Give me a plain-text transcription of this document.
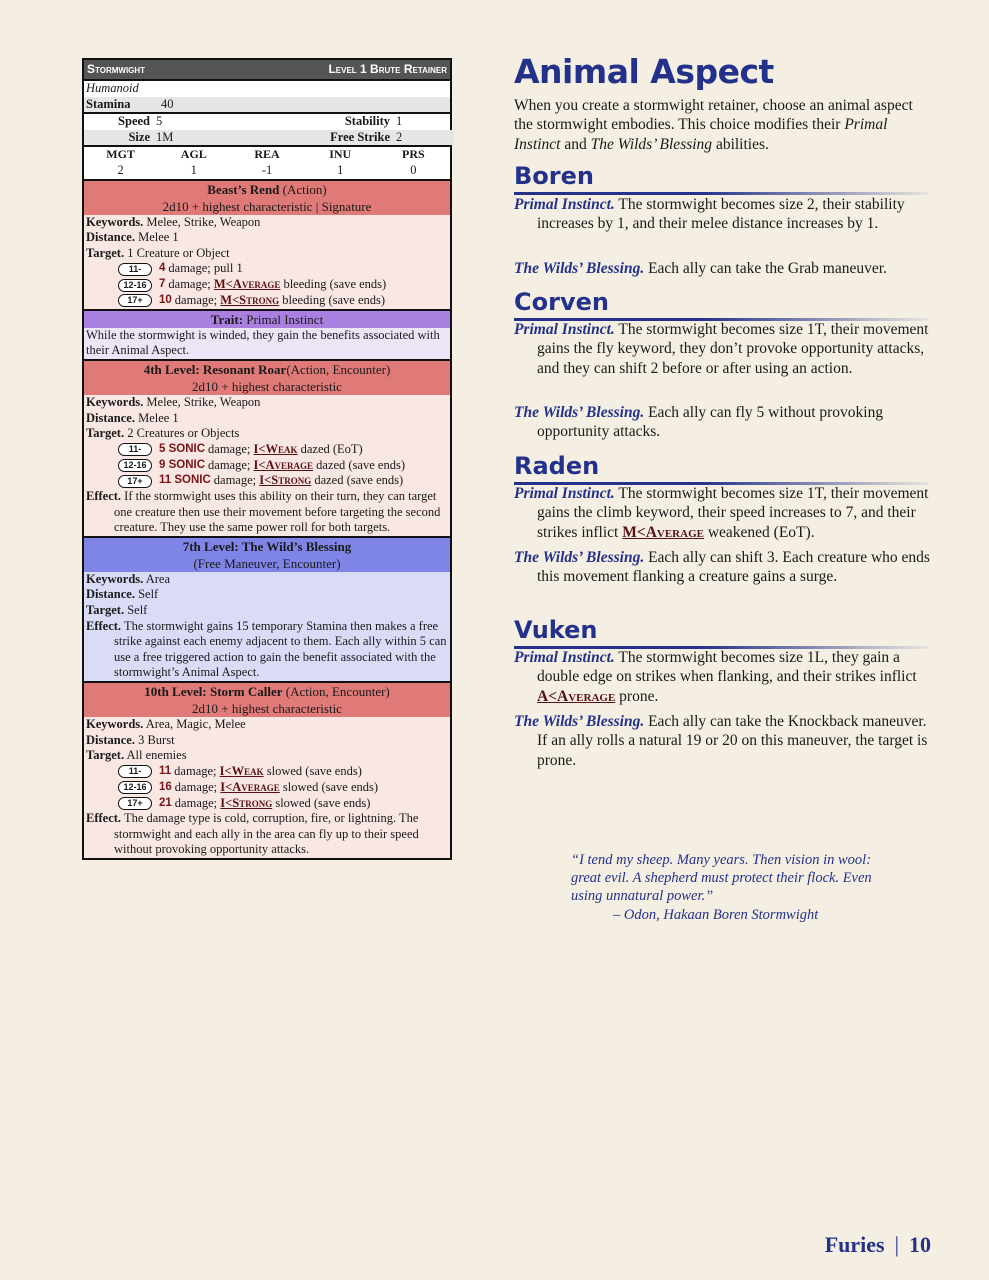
Stormwight	Level 1 Brute Retainer
Humanoid
Stamina	40
Speed 5	Stability 1
Size 1M	Free Strike 2
MGT	AGL	REA	INU	PRS
2	1	-1	1	0
Beast’s Rend (Action)
2d10 + highest characteristic | Signature
Keywords. Melee, Strike, Weapon
Distance. Melee 1
Target. 1 Creature or Object
11-	4 damage; pull 1
12-16	7 damage;
M<Average
bleeding (save ends)
17+	10 damage;
M<Strong
bleeding (save ends)
Trait: Primal Instinct
While the stormwight is winded, they gain the benefits associated with their Animal Aspect.
4th Level: Resonant Roar(Action, Encounter)
2d10 + highest characteristic
Keywords. Melee, Strike, Weapon
Distance. Melee 1
Target. 2 Creatures or Objects
11-	5 SONIC damage;
I<Weak
dazed (EoT)
12-16	9 SONIC damage;
I<Average
dazed (save ends)
17+	11 SONIC damage;
I<Strong
dazed (save ends)
Effect. If the stormwight uses this ability on their turn, they can target one creature then use their movement before targeting the second creature. They use the same power roll for both targets.
7th Level: The Wild’s Blessing
(Free Maneuver, Encounter)
Keywords. Area
Distance. Self
Target. Self
Effect. The stormwight gains 15 temporary Stamina then makes a free strike against each enemy adjacent to them. Each ally within 5 can use a free triggered action to gain the benefit associated with the stormwight’s Animal Aspect.
10th Level: Storm Caller (Action, Encounter)
2d10 + highest characteristic
Keywords. Area, Magic, Melee
Distance. 3 Burst
Target. All enemies
11-	11 damage;
I<Weak
slowed (save ends)
12-16	16 damage;
I<Average
slowed (save ends)
17+	21 damage;
I<Strong
slowed (save ends)
Effect. The damage type is cold, corruption, fire, or lightning. The stormwight and each ally in the area can fly up to their speed without provoking opportunity attacks.
Animal Aspect
When you create a stormwight retainer, choose an animal aspect the stormwight embodies. This choice modifies their Primal Instinct and The Wilds’ Blessing abilities.
Boren
Primal Instinct. The stormwight becomes size 2, their stability increases by 1, and their melee distance increases by 1.
The Wilds’ Blessing. Each ally can take the Grab maneuver.
Corven
Primal Instinct. The stormwight becomes size 1T, their movement gains the fly keyword, they don’t provoke opportunity attacks, and they can shift 2 before or after using an action.
The Wilds’ Blessing. Each ally can fly 5 without provoking opportunity attacks.
Raden
Primal Instinct. The stormwight becomes size 1T, their movement gains the climb keyword, their speed increases to 7, and their strikes inflict M<Average weakened (EoT).
The Wilds’ Blessing. Each ally can shift 3. Each creature who ends this movement flanking a creature gains a surge.
Vuken
Primal Instinct. The stormwight becomes size 1L, they gain a double edge on strikes when flanking, and their strikes inflict A<Average prone.
The Wilds’ Blessing. Each ally can take the Knockback maneuver. If an ally rolls a natural 19 or 20 on this maneuver, the target is prone.
“I tend my sheep. Many years. Then vision in wool: great evil. A shepherd must protect their flock. Even using unnatural power.”
– Odon, Hakaan Boren Stormwight
Furies | 10
